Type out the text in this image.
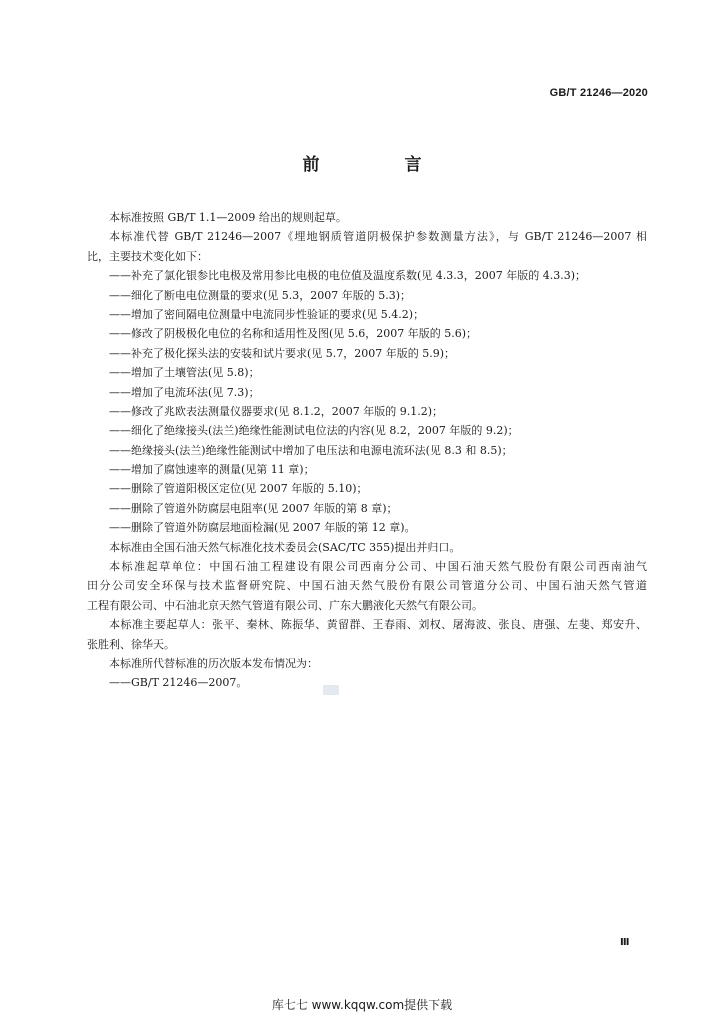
GB/T 21246—2020
前　言
本标准按照 GB/T 1.1—2009 给出的规则起草。
本标准代替 GB/T 21246—2007《埋地钢质管道阴极保护参数测量方法》，与 GB/T 21246—2007 相
比，主要技术变化如下：
——补充了氯化银参比电极及常用参比电极的电位值及温度系数(见 4.3.3，2007 年版的 4.3.3)；
——细化了断电电位测量的要求(见 5.3，2007 年版的 5.3)；
——增加了密间隔电位测量中电流同步性验证的要求(见 5.4.2)；
——修改了阴极极化电位的名称和适用性及图(见 5.6，2007 年版的 5.6)；
——补充了极化探头法的安装和试片要求(见 5.7，2007 年版的 5.9)；
——增加了土壤管法(见 5.8)；
——增加了电流环法(见 7.3)；
——修改了兆欧表法测量仪器要求(见 8.1.2，2007 年版的 9.1.2)；
——细化了绝缘接头(法兰)绝缘性能测试电位法的内容(见 8.2，2007 年版的 9.2)；
——绝缘接头(法兰)绝缘性能测试中增加了电压法和电源电流环法(见 8.3 和 8.5)；
——增加了腐蚀速率的测量(见第 11 章)；
——删除了管道阳极区定位(见 2007 年版的 5.10)；
——删除了管道外防腐层电阻率(见 2007 年版的第 8 章)；
——删除了管道外防腐层地面检漏(见 2007 年版的第 12 章)。
本标准由全国石油天然气标准化技术委员会(SAC/TC 355)提出并归口。
本标准起草单位：中国石油工程建设有限公司西南分公司、中国石油天然气股份有限公司西南油气
田分公司安全环保与技术监督研究院、中国石油天然气股份有限公司管道分公司、中国石油天然气管道
工程有限公司、中石油北京天然气管道有限公司、广东大鹏液化天然气有限公司。
本标准主要起草人：张平、秦林、陈振华、黄留群、王春雨、刘权、屠海波、张良、唐强、左斐、郑安升、
张胜利、徐华天。
本标准所代替标准的历次版本发布情况为：
——GB/T 21246—2007。
Ⅲ
库七七 www.kqqw.com提供下载
